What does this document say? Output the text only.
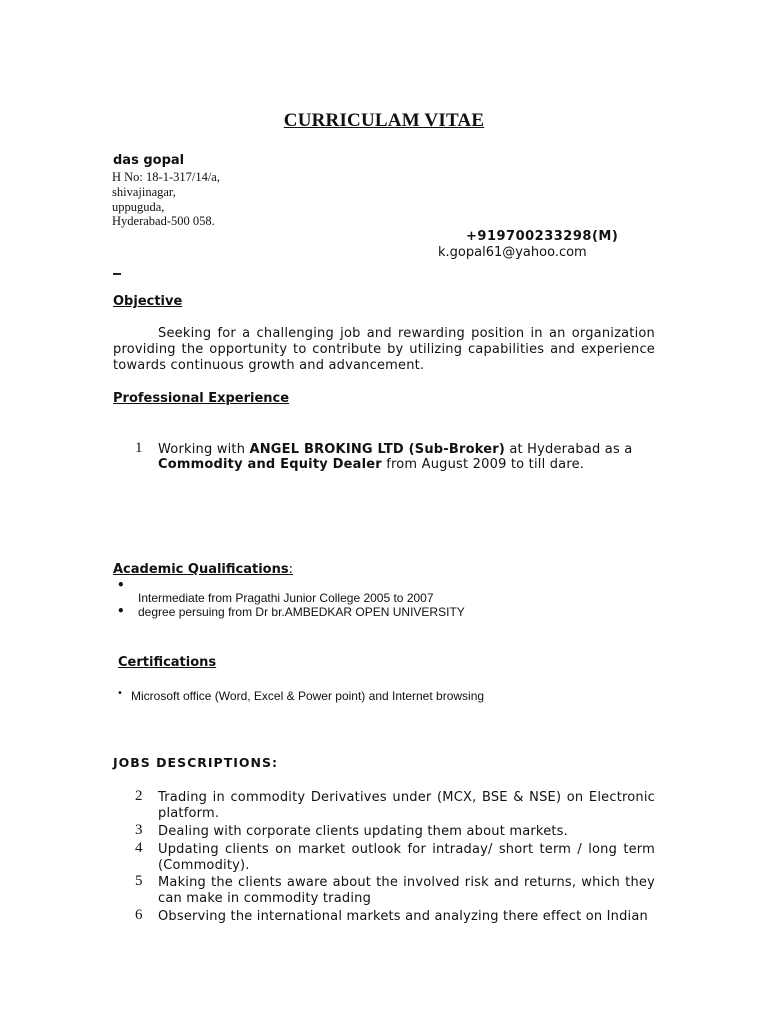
CURRICULAM VITAE
das gopal
H No: 18-1-317/14/a,
shivajinagar,
uppuguda,
Hyderabad-500 058.
+919700233298(M)
k.gopal61@yahoo.com
Objective
Seeking for a challenging job and rewarding position in an organization providing the opportunity to contribute by utilizing capabilities and experience towards continuous growth and advancement.
Professional Experience
1 Working with ANGEL BROKING LTD (Sub-Broker) at Hyderabad as a
Commodity and Equity Dealer from August 2009 to till dare.
Academic Qualifications:
•
Intermediate from Pragathi Junior College 2005 to 2007
• degree persuing from Dr br.AMBEDKAR OPEN UNIVERSITY
Certifications
• Microsoft office (Word, Excel & Power point) and Internet browsing
JOBS DESCRIPTIONS:
2 Trading in commodity Derivatives under (MCX, BSE & NSE) on Electronic platform.
3 Dealing with corporate clients updating them about markets.
4 Updating clients on market outlook for intraday/ short term / long term (Commodity).
5 Making the clients aware about the involved risk and returns, which they can make in commodity trading
6 Observing the international markets and analyzing there effect on Indian
